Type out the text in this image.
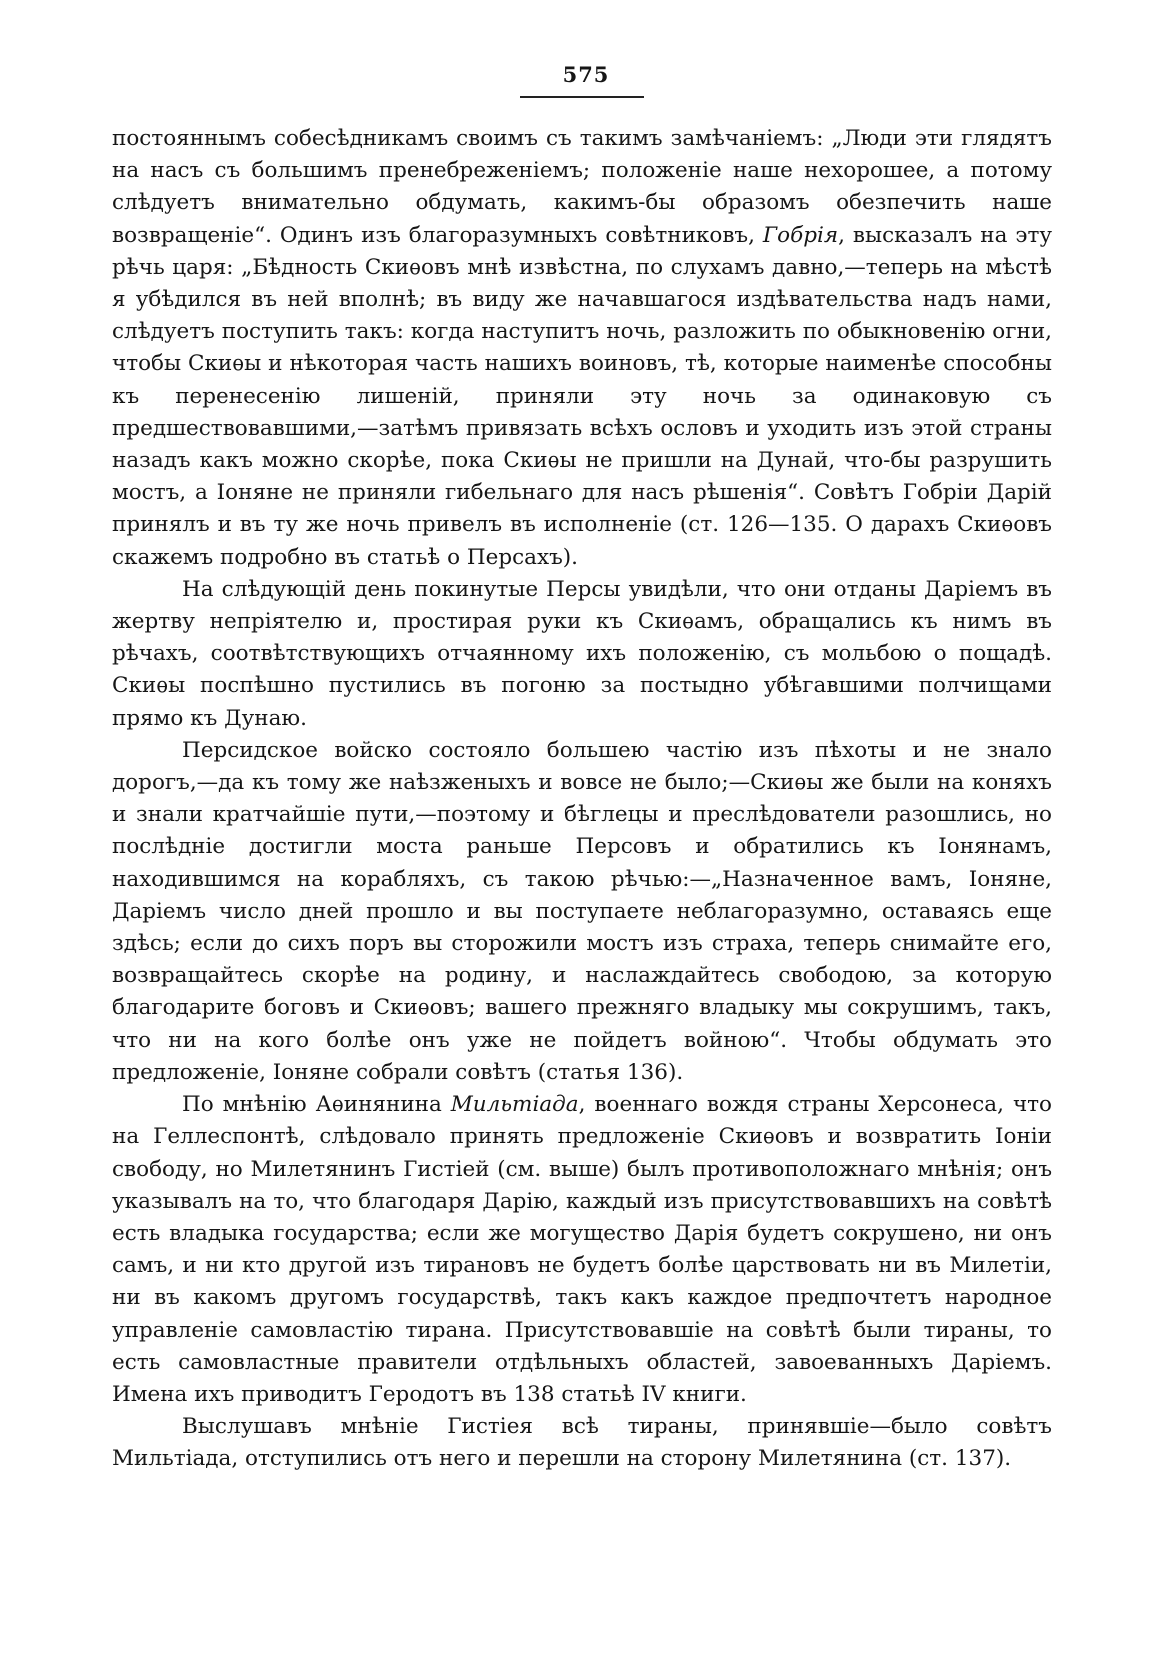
575

постояннымъ собесѣдникамъ своимъ съ такимъ замѣчаніемъ: „Люди эти глядятъ на насъ съ большимъ пренебреженіемъ; положеніе наше нехорошее, а потому слѣдуетъ внимательно обдумать, какимъ-бы образомъ обезпечить наше возвращеніе“. Одинъ изъ благоразумныхъ совѣтниковъ, Гобрія, высказалъ на эту рѣчь царя: „Бѣдность Скиѳовъ мнѣ извѣстна, по слухамъ давно,—теперь на мѣстѣ я убѣдился въ ней вполнѣ; въ виду же начавшагося издѣвательства надъ нами, слѣдуетъ поступить такъ: когда наступитъ ночь, разложить по обыкновенію огни, чтобы Скиѳы и нѣкоторая часть нашихъ воиновъ, тѣ, которые наименѣе способны къ перенесенію лишеній, приняли эту ночь за одинаковую съ предшествовавшими,—затѣмъ привязать всѣхъ ословъ и уходить изъ этой страны назадъ какъ можно скорѣе, пока Скиѳы не пришли на Дунай, что-бы разрушить мостъ, а Іоняне не приняли гибельнаго для насъ рѣшенія“. Совѣтъ Гобріи Дарій принялъ и въ ту же ночь привелъ въ исполненіе (ст. 126—135. О дарахъ Скиѳовъ скажемъ подробно въ статьѣ о Персахъ).

На слѣдующій день покинутые Персы увидѣли, что они отданы Даріемъ въ жертву непріятелю и, простирая руки къ Скиѳамъ, обращались къ нимъ въ рѣчахъ, соотвѣтствующихъ отчаянному ихъ положенію, съ мольбою о пощадѣ. Скиѳы поспѣшно пустились въ погоню за постыдно убѣгавшими полчищами прямо къ Дунаю.

Персидское войско состояло большею частію изъ пѣхоты и не знало дорогъ,—да къ тому же наѣзженыхъ и вовсе не было;—Скиѳы же были на коняхъ и знали кратчайшіе пути,—поэтому и бѣглецы и преслѣдователи разошлись, но послѣдніе достигли моста раньше Персовъ и обратились къ Іонянамъ, находившимся на корабляхъ, съ такою рѣчью:—„Назначенное вамъ, Іоняне, Даріемъ число дней прошло и вы поступаете неблагоразумно, оставаясь еще здѣсь; если до сихъ поръ вы сторожили мостъ изъ страха, теперь снимайте его, возвращайтесь скорѣе на родину, и наслаждайтесь свободою, за которую благодарите боговъ и Скиѳовъ; вашего прежняго владыку мы сокрушимъ, такъ, что ни на кого болѣе онъ уже не пойдетъ войною“. Чтобы обдумать это предложеніе, Іоняне собрали совѣтъ (статья 136).

По мнѣнію Аѳинянина Мильтіада, военнаго вождя страны Херсонеса, что на Геллеспонтѣ, слѣдовало принять предложеніе Скиѳовъ и возвратить Іоніи свободу, но Милетянинъ Гистіей (см. выше) былъ противоположнаго мнѣнія; онъ указывалъ на то, что благодаря Дарію, каждый изъ присутствовавшихъ на совѣтѣ есть владыка государства; если же могущество Дарія будетъ сокрушено, ни онъ самъ, и ни кто другой изъ тирановъ не будетъ болѣе царствовать ни въ Милетіи, ни въ какомъ другомъ государствѣ, такъ какъ каждое предпочтетъ народное управленіе самовластію тирана. Присутствовавшіе на совѣтѣ были тираны, то есть самовластные правители отдѣльныхъ областей, завоеванныхъ Даріемъ. Имена ихъ приводитъ Геродотъ въ 138 статьѣ IV книги.

Выслушавъ мнѣніе Гистіея всѣ тираны, принявшіе—было совѣтъ Мильтіада, отступились отъ него и перешли на сторону Милетянина (ст. 137).
